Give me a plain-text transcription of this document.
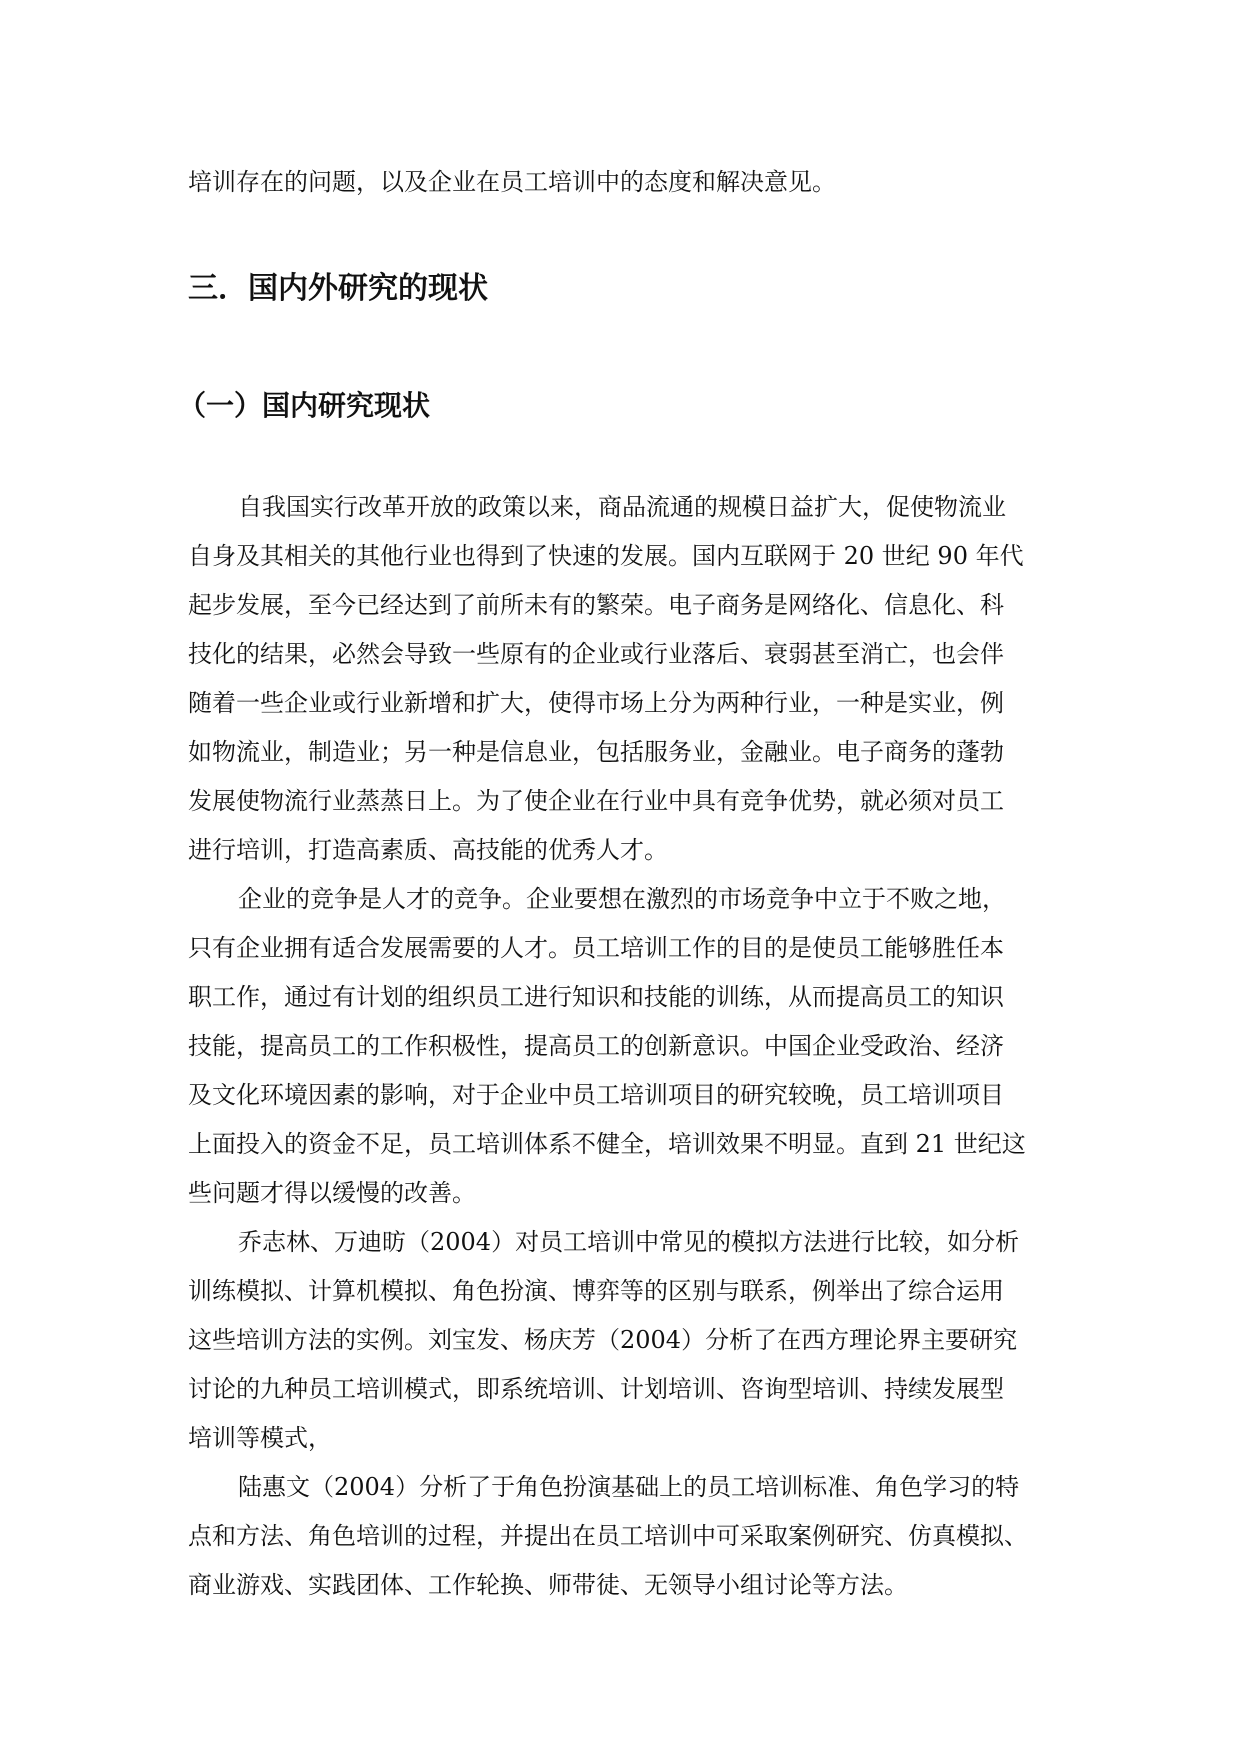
培训存在的问题，以及企业在员工培训中的态度和解决意见。

三．国内外研究的现状
（一）国内研究现状

自我国实行改革开放的政策以来，商品流通的规模日益扩大，促使物流业

自身及其相关的其他行业也得到了快速的发展。国内互联网于 20 世纪 90 年代

起步发展，至今已经达到了前所未有的繁荣。电子商务是网络化、信息化、科

技化的结果，必然会导致一些原有的企业或行业落后、衰弱甚至消亡，也会伴

随着一些企业或行业新增和扩大，使得市场上分为两种行业，一种是实业，例

如物流业，制造业；另一种是信息业，包括服务业，金融业。电子商务的蓬勃

发展使物流行业蒸蒸日上。为了使企业在行业中具有竞争优势，就必须对员工

进行培训，打造高素质、高技能的优秀人才。

企业的竞争是人才的竞争。企业要想在激烈的市场竞争中立于不败之地，

只有企业拥有适合发展需要的人才。员工培训工作的目的是使员工能够胜任本

职工作，通过有计划的组织员工进行知识和技能的训练，从而提高员工的知识

技能，提高员工的工作积极性，提高员工的创新意识。中国企业受政治、经济

及文化环境因素的影响，对于企业中员工培训项目的研究较晚，员工培训项目

上面投入的资金不足，员工培训体系不健全，培训效果不明显。直到 21 世纪这

些问题才得以缓慢的改善。

乔志林、万迪昉（2004）对员工培训中常见的模拟方法进行比较，如分析

训练模拟、计算机模拟、角色扮演、博弈等的区别与联系，例举出了综合运用

这些培训方法的实例。刘宝发、杨庆芳（2004）分析了在西方理论界主要研究

讨论的九种员工培训模式，即系统培训、计划培训、咨询型培训、持续发展型

培训等模式，

陆惠文（2004）分析了于角色扮演基础上的员工培训标准、角色学习的特

点和方法、角色培训的过程，并提出在员工培训中可采取案例研究、仿真模拟、

商业游戏、实践团体、工作轮换、师带徒、无领导小组讨论等方法。
